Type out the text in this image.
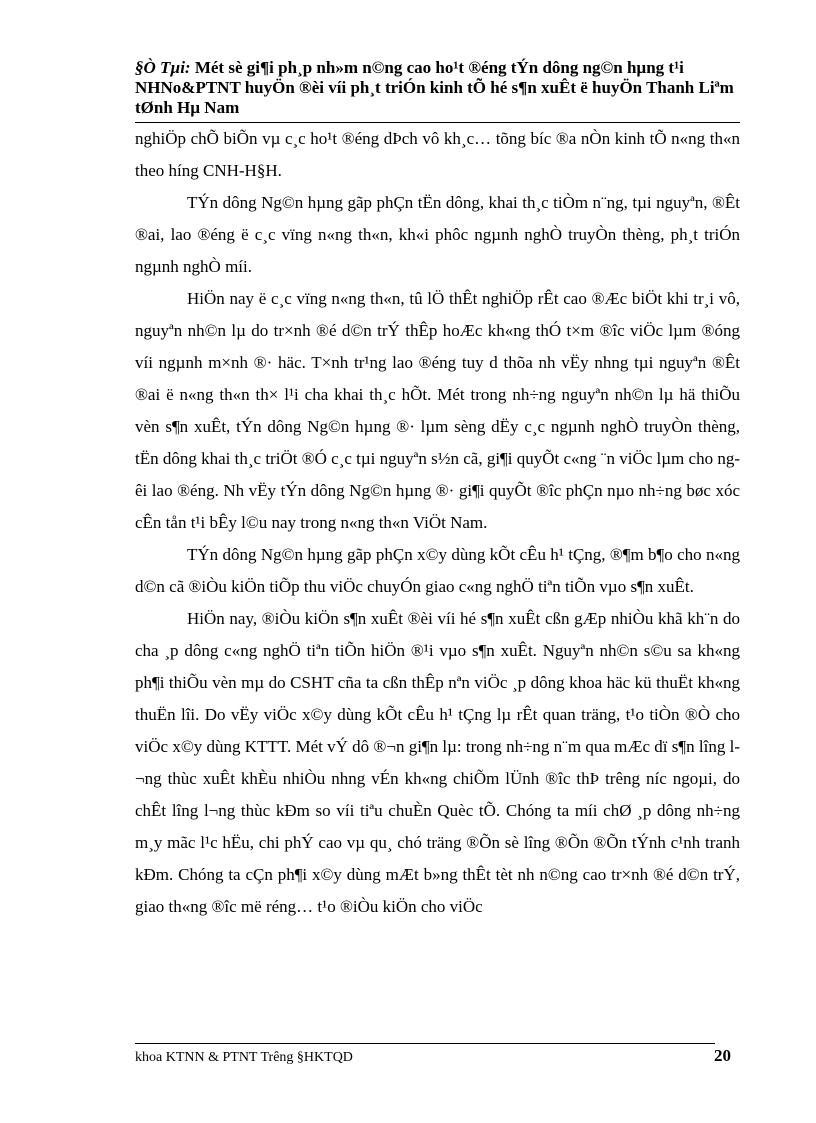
§Ò Tµi: Mét sè gi¶i ph¸p nh»m n©ng cao ho¹t ®éng tÝn dông ng©n hµng t¹i NHNo&PTNT huyÖn ®èi víi ph¸t triÓn kinh tÕ hé s¶n xuÊt ë huyÖn Thanh Liªm tØnh Hµ Nam

nghiÖp chÕ biÕn vµ c¸c ho¹t ®éng dÞch vô kh¸c… tõng bíc ®a nÒn kinh tÕ n«ng th«n theo híng CNH-H§H.

TÝn dông Ng©n hµng gãp phÇn tËn dông, khai th¸c tiÒm n¨ng, tµi nguyªn, ®Êt ®ai, lao ®éng ë c¸c vïng n«ng th«n, kh«i phôc ngµnh nghÒ truyÒn thèng, ph¸t triÓn ngµnh nghÒ míi.

HiÖn nay ë c¸c vïng n«ng th«n, tû lÖ thÊt nghiÖp rÊt cao ®Æc biÖt khi tr¸i vô, nguyªn nh©n lµ do tr×nh ®é d©n trÝ thÊp hoÆc kh«ng thÓ t×m ®îc viÖc lµm ®óng víi ngµnh m×nh ®· häc. T×nh tr¹ng lao ®éng tuy d thõa nh vËy nhng tµi nguyªn ®Êt ®ai ë n«ng th«n th× l¹i cha khai th¸c hÕt. Mét trong nh÷ng nguyªn nh©n lµ hä thiÕu vèn s¶n xuÊt, tÝn dông Ng©n hµng ®· lµm sèng dËy c¸c ngµnh nghÒ truyÒn thèng, tËn dông khai th¸c triÖt ®Ó c¸c tµi nguyªn s½n cã, gi¶i quyÕt c«ng ¨n viÖc lµm cho ngêi lao ®éng. Nh vËy tÝn dông Ng©n hµng ®· gi¶i quyÕt ®îc phÇn nµo nh÷ng bøc xóc cÊn tån t¹i bÊy l©u nay trong n«ng th«n ViÖt Nam.

TÝn dông Ng©n hµng gãp phÇn x©y dùng kÕt cÊu h¹ tÇng, ®¶m b¶o cho n«ng d©n cã ®iÒu kiÖn tiÕp thu viÖc chuyÓn giao c«ng nghÖ tiªn tiÕn vµo s¶n xuÊt.

HiÖn nay, ®iÒu kiÖn s¶n xuÊt ®èi víi hé s¶n xuÊt cßn gÆp nhiÒu khã kh¨n do cha ¸p dông c«ng nghÖ tiªn tiÕn hiÖn ®¹i vµo s¶n xuÊt. Nguyªn nh©n s©u sa kh«ng ph¶i thiÕu vèn mµ do CSHT cña ta cßn thÊp nªn viÖc ¸p dông khoa häc kü thuËt kh«ng thuËn lîi. Do vËy viÖc x©y dùng kÕt cÊu h¹ tÇng lµ rÊt quan träng, t¹o tiÒn ®Ò cho viÖc x©y dùng KTTT. Mét vÝ dô ®¬n gi¶n lµ: trong nh÷ng n¨m qua mÆc dï s¶n lîng l¬ng thùc xuÊt khÈu nhiÒu nhng vÉn kh«ng chiÕm lÜnh ®îc thÞ trêng níc ngoµi, do chÊt lîng l¬ng thùc kÐm so víi tiªu chuÈn Quèc tÕ. Chóng ta míi chØ ¸p dông nh÷ng m¸y mãc l¹c hËu, chi phÝ cao vµ qu¸ chó träng ®Õn sè lîng ®Õn ®Õn tÝnh c¹nh tranh kÐm. Chóng ta cÇn ph¶i x©y dùng mÆt b»ng thÊt tèt nh n©ng cao tr×nh ®é d©n trÝ, giao th«ng ®îc më réng… t¹o ®iÒu kiÖn cho viÖc

khoa KTNN & PTNT Trêng §HKTQD	20
